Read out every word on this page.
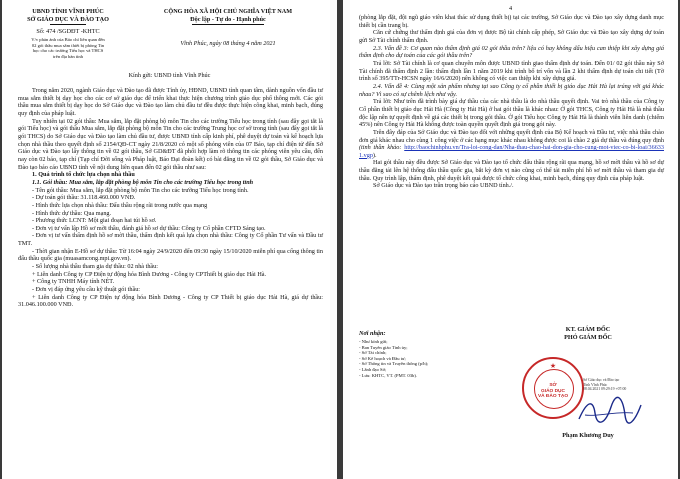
UBND TỈNH VĨNH PHÚC
SỞ GIÁO DỤC VÀ ĐÀO TẠO
Số: 474 /SGDĐT -KHTC
V/v phản ánh của Báo chí liên quan đến
02 gói thầu mua sắm thiết bị phòng Tin
học cho các trường Tiểu học và THCS
trên địa bàn tỉnh
CỘNG HÒA XÃ HỘI CHỦ NGHĨA VIỆT NAM
Độc lập - Tự do - Hạnh phúc
Vĩnh Phúc, ngày 08 tháng 4 năm 2021
Kính gửi: UBND tỉnh Vĩnh Phúc

Trong năm 2020, ngành Giáo dục và Đào tạo đã được Tỉnh ủy, HĐND, UBND tỉnh quan tâm, dành nguồn vốn đầu tư mua sắm thiết bị dạy học cho các cơ sở giáo dục để triển khai thực hiện chương trình giáo dục phổ thông mới. Các gói thầu mua sắm thiết bị dạy học do Sở Giáo dục và Đào tạo làm chủ đầu tư đều được thực hiện công khai, minh bạch, đúng quy định của pháp luật.

Tuy nhiên tại 02 gói thầu: Mua sắm, lắp đặt phòng bộ môn Tin cho các trường Tiểu học trong tỉnh (sau đây gọi tắt là gói Tiểu học) và gói thầu Mua sắm, lắp đặt phòng bộ môn Tin cho các trường Trung học cơ sở trong tỉnh (sau đây gọi tắt là gói THCS) do Sở Giáo dục và Đào tạo làm chủ đầu tư, được UBND tỉnh cấp kinh phí, phê duyệt dự toán và kế hoạch lựa chọn nhà thầu theo quyết định số 2154/QĐ-CT ngày 21/8/2020 có một số phóng viên của 07 Báo, tạp chí điện tử đến Sở Giáo dục và Đào tạo lấy thông tin về 02 gói thầu, Sở GD&ĐT đã phối hợp làm rõ thông tin các phóng viên yêu cầu, đến nay còn 02 báo, tạp chí (Tạp chí Đời sống và Pháp luật, Báo Đại đoàn kết) có bài đăng tin về 02 gói thầu, Sở Giáo dục và Đào tạo báo cáo UBND tỉnh về nội dung liên quan đến 02 gói thầu như sau:

1. Quá trình tổ chức lựa chọn nhà thầu

1.1. Gói thầu: Mua sắm, lắp đặt phòng bộ môn Tin cho các trường Tiểu học trong tỉnh

- Tên gói thầu: Mua sắm, lắp đặt phòng bộ môn Tin cho các trường Tiểu học trong tỉnh.

- Dự toán gói thầu: 31.118.460.000 VNĐ.

- Hình thức lựa chọn nhà thầu: Đấu thầu rộng rãi trong nước qua mạng

- Hình thức dự thầu: Qua mạng.

- Phương thức LCNT: Một giai đoạn hai túi hồ sơ.

- Đơn vị tư vấn lập Hồ sơ mời thầu, đánh giá hồ sơ dự thầu: Công ty Cổ phần CFTD Sáng tạo.

- Đơn vị tư vấn thẩm định hồ sơ mời thầu, thẩm định kết quả lựa chọn nhà thầu: Công ty Cổ phần Tư vấn và Đầu tư TMT.

- Thời gian nhận E-Hồ sơ dự thầu: Từ 16:04 ngày 24/9/2020 đến 09:30 ngày 15/10/2020 miễn phí qua cổng thông tin đấu thầu quốc gia (muasamcong.mpi.gov.vn).

- Số lượng nhà thầu tham gia dự thầu: 02 nhà thầu:

+ Liên danh Công ty CP Điện tự động hóa Bình Dương - Công ty CPThiết bị giáo dục Hải Hà.

+ Công ty TNHH Máy tính NÉT.

- Đơn vị đáp ứng yêu cầu kỹ thuật gói thầu:

+ Liên danh Công ty CP Điện tự động hóa Bình Dương - Công ty CP Thiết bị giáo dục Hải Hà, giá dự thầu: 31.046.100.000 VNĐ.

4

(phòng lắp đặt, đội ngũ giáo viên khai thác sử dụng thiết bị) tại các trường, Sở Giáo dục và Đào tạo xây dựng danh mục thiết bị cần trang bị.

Căn cứ chứng thư thẩm định giá của đơn vị được Bộ tài chính cấp phép, Sở Giáo dục và Đào tạo xây dựng dự toán gửi Sở Tài chính thẩm định.

2.3. Vấn đề 3: Cơ quan nào thẩm định giá 02 gói thầu trên? liệu có hay không dấu hiệu can thiệp khi xây dựng giá thẩm định cho dự toán của các gói thầu trên?

Trả lời: Sở Tài chính là cơ quan chuyên môn được UBND tỉnh giao thẩm định dự toán. Đến 01/ 02 gói thầu này Sở Tài chính đã thẩm định 2 lần: thẩm định lần 1 năm 2019 khi trình bố trí vốn và lần 2 khi thẩm định dự toán chi tiết (Tờ trình số 395/TTr-HCSN ngày 16/6/2020) nên không có việc can thiệp khi xây dựng giá.

2.4. Vấn đề 4: Cùng một sản phẩm nhưng tại sao Công ty cổ phần thiết bị giáo dục Hải Hà lại trúng với giá khác nhau? Vì sao có sự chênh lệch như vậy.

Trả lời: Như trên đã trình bày giá dự thầu của các nhà thầu là do nhà thầu quyết định. Vai trò nhà thầu của Công ty Cổ phần thiết bị giáo dục Hải Hà (Công ty Hải Hà) ở hai gói thầu là khác nhau: Ở gói THCS, Công ty Hải Hà là nhà thầu độc lập nên tự quyết định về giá các thiết bị trong gói thầu. Ở gói Tiểu học Công ty Hải Hà là thành viên liên danh (chiếm 45%) nên Công ty Hải Hà không được toàn quyền quyết định giá trong gói này.

Trên đây đáp của Sở Giáo dục và Đào tạo đối với những quyết định của Bộ Kế hoạch và Đầu tư, việc nhà thầu chào đơn giá khác nhau cho cùng 1 công việc ở các hạng mục khác nhau không được coi là chào 2 giá dự thầu và đúng quy định (tinh thần khảo: http://baochinhphu.vn/Tra-loi-cong-dan/Nha-thau-chao-hai-don-gia-cho-cung-mot-viec-co-bi-loai/366331.vgp).

Hai gói thầu này đều được Sở Giáo dục và Đào tạo tổ chức đấu thầu rộng rãi qua mạng, hồ sơ mời thầu và hồ sơ dự thầu đăng tải lên hệ thống đấu thầu quốc gia, bắt kỳ đơn vị nào cũng có thể tải miễn phí hồ sơ mời thầu và tham gia dự thầu. Quy trình lập, thẩm định, phê duyệt kết quả được tổ chức công khai, minh bạch, đúng quy định của pháp luật.

Sở Giáo dục và Đào tạo trân trọng báo cáo UBND tỉnh./.

KT. GIÁM ĐỐC
PHÓ GIÁM ĐỐC
★
SỞ
GIÁO DỤC
VÀ ĐÀO TẠO
Sở Giáo dục và Đào tạo
Tỉnh Vĩnh Phúc
08.04.2021 09:29:19 +07:00
Phạm Khương Duy
Nơi nhận:
- Như kính gửi;
- Ban Tuyên giáo Tỉnh ủy;
- Sở Tài chính;
- Sở Kế hoạch và Đầu tư;
- Sở Thông tin và Truyền thông (p/h);
- Lãnh đạo Sở;
- Lưu: KHTC, VT. (PMT. 03b).
